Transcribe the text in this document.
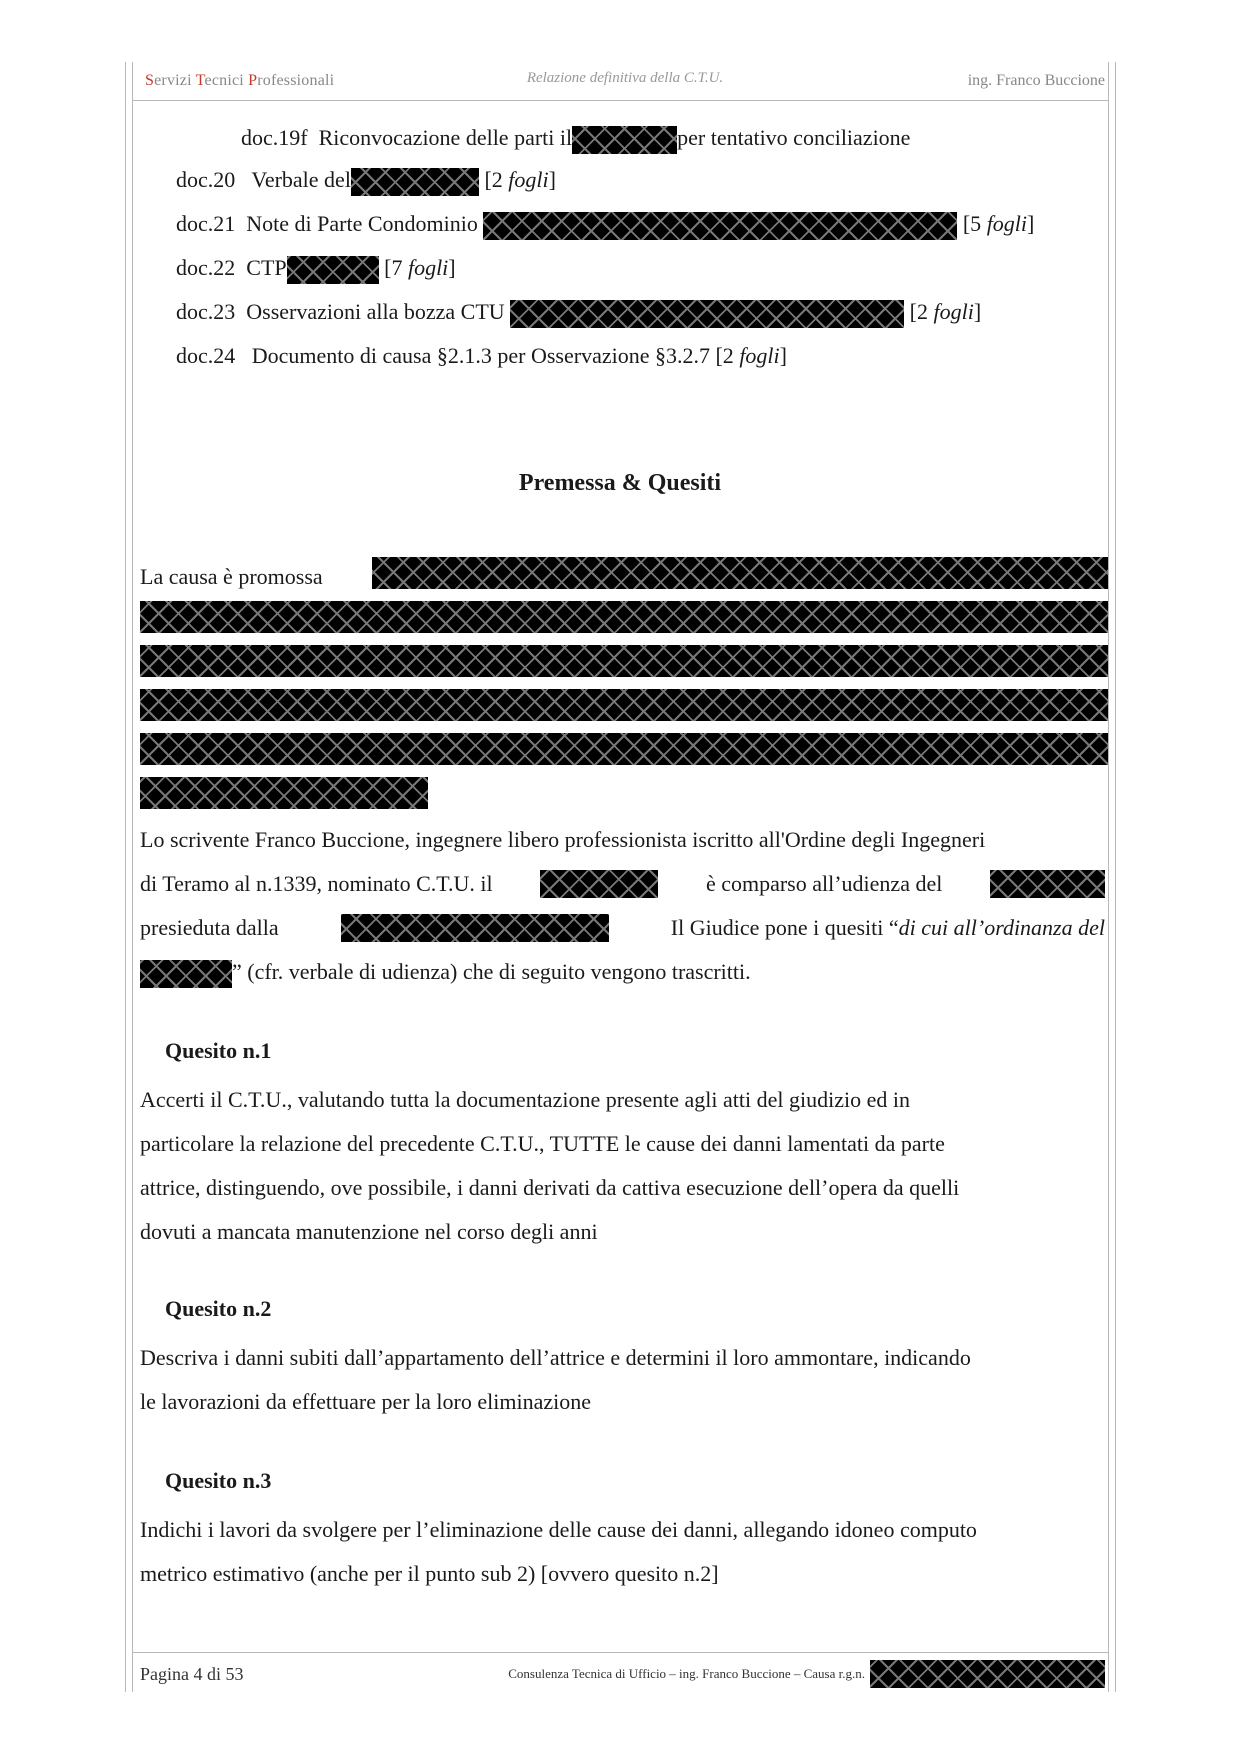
Servizi Tecnici Professionali	Relazione definitiva della C.T.U.	ing. Franco Buccione
doc.19f Riconvocazione delle parti il	per tentativo conciliazione
doc.20 Verbale del	[2 fogli]
doc.21 Note di Parte Condominio	[5 fogli]
doc.22 CTP	[7 fogli]
doc.23 Osservazioni alla bozza CTU	[2 fogli]
doc.24 Documento di causa §2.1.3 per Osservazione §3.2.7 [2 fogli]
Premessa & Quesiti
La causa è promossa
Lo scrivente Franco Buccione, ingegnere libero professionista iscritto all'Ordine degli Ingegneri
di Teramo al n.1339, nominato C.T.U. il	è comparso all’udienza del
presieduta dalla	Il Giudice pone i quesiti “di cui all’ordinanza del
” (cfr. verbale di udienza) che di seguito vengono trascritti.
Quesito n.1
Accerti il C.T.U., valutando tutta la documentazione presente agli atti del giudizio ed in
particolare la relazione del precedente C.T.U., TUTTE le cause dei danni lamentati da parte
attrice, distinguendo, ove possibile, i danni derivati da cattiva esecuzione dell’opera da quelli
dovuti a mancata manutenzione nel corso degli anni
Quesito n.2
Descriva i danni subiti dall’appartamento dell’attrice e determini il loro ammontare, indicando
le lavorazioni da effettuare per la loro eliminazione
Quesito n.3
Indichi i lavori da svolgere per l’eliminazione delle cause dei danni, allegando idoneo computo
metrico estimativo (anche per il punto sub 2) [ovvero quesito n.2]
Pagina 4 di 53	Consulenza Tecnica di Ufficio – ing. Franco Buccione – Causa r.g.n.
